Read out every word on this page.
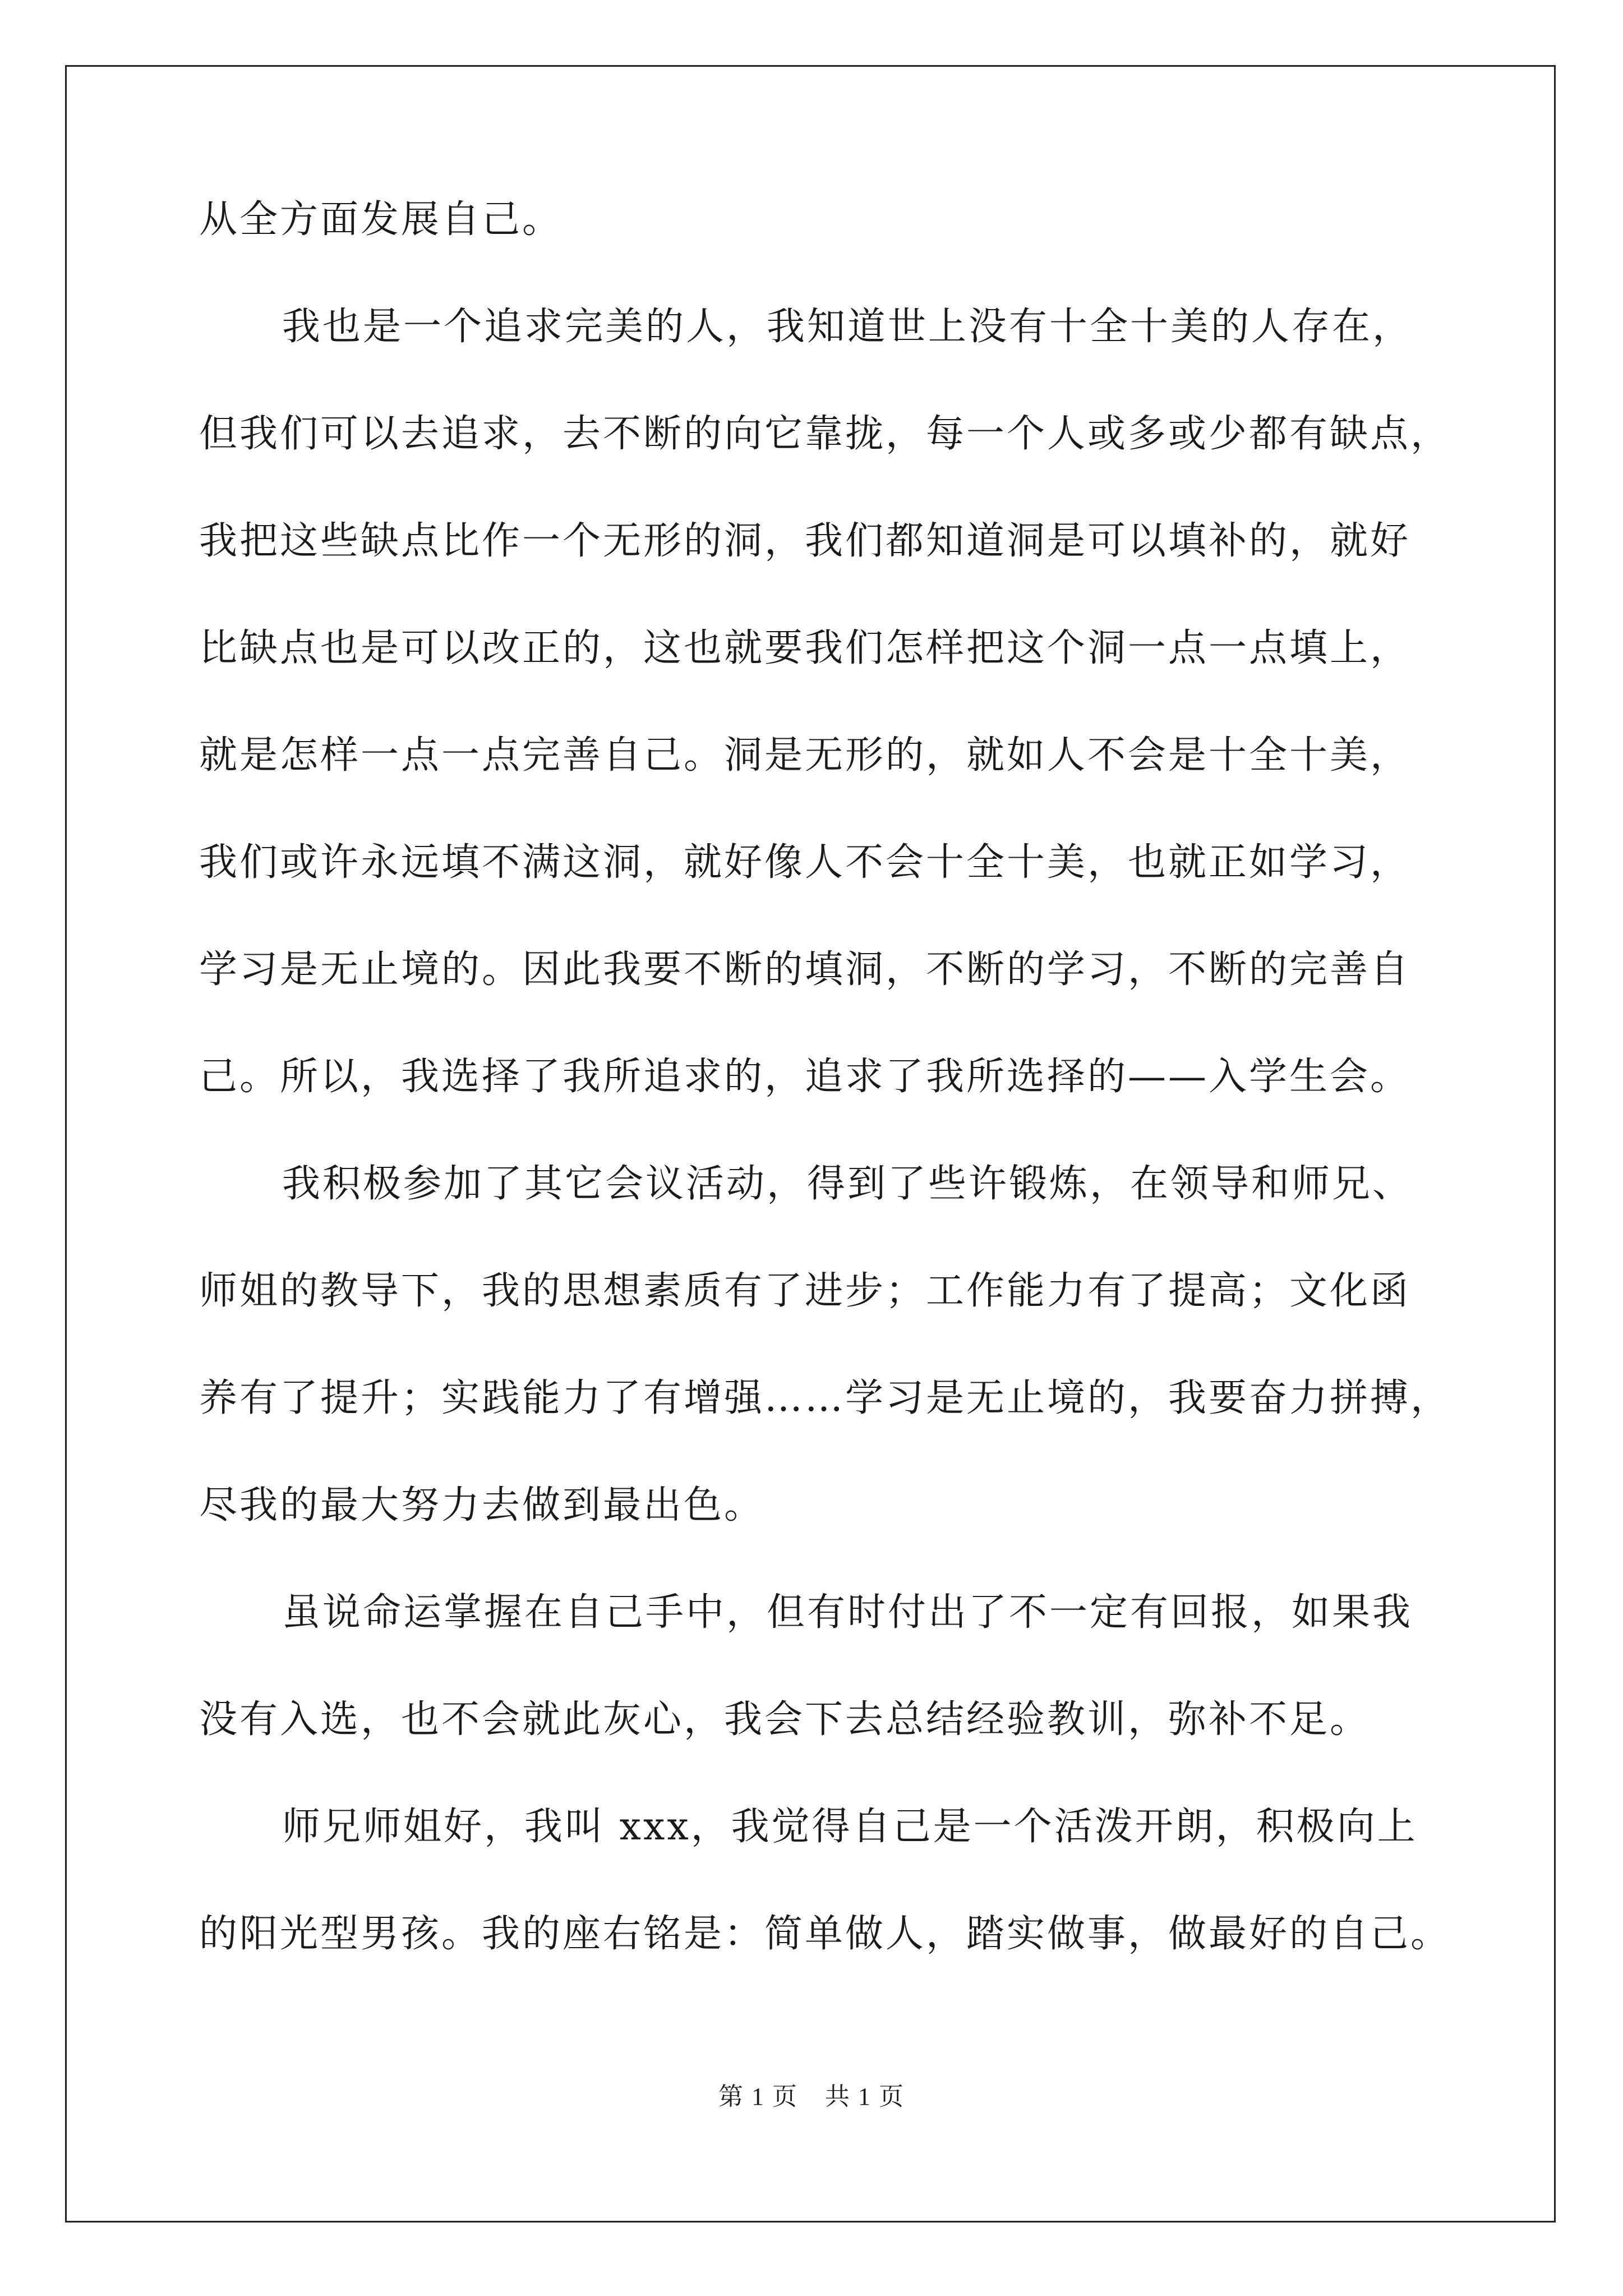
从全方面发展自己。
我也是一个追求完美的人，我知道世上没有十全十美的人存在，
但我们可以去追求，去不断的向它靠拢，每一个人或多或少都有缺点，
我把这些缺点比作一个无形的洞，我们都知道洞是可以填补的，就好
比缺点也是可以改正的，这也就要我们怎样把这个洞一点一点填上，
就是怎样一点一点完善自己。洞是无形的，就如人不会是十全十美，
我们或许永远填不满这洞，就好像人不会十全十美，也就正如学习，
学习是无止境的。因此我要不断的填洞，不断的学习，不断的完善自
己。所以，我选择了我所追求的，追求了我所选择的——入学生会。
我积极参加了其它会议活动，得到了些许锻炼，在领导和师兄、
师姐的教导下，我的思想素质有了进步；工作能力有了提高；文化函
养有了提升；实践能力了有增强……学习是无止境的，我要奋力拼搏，
尽我的最大努力去做到最出色。
虽说命运掌握在自己手中，但有时付出了不一定有回报，如果我
没有入选，也不会就此灰心，我会下去总结经验教训，弥补不足。
师兄师姐好，我叫 xxx，我觉得自己是一个活泼开朗，积极向上
的阳光型男孩。我的座右铭是：简单做人，踏实做事，做最好的自己。
第 1 页 共 1 页
